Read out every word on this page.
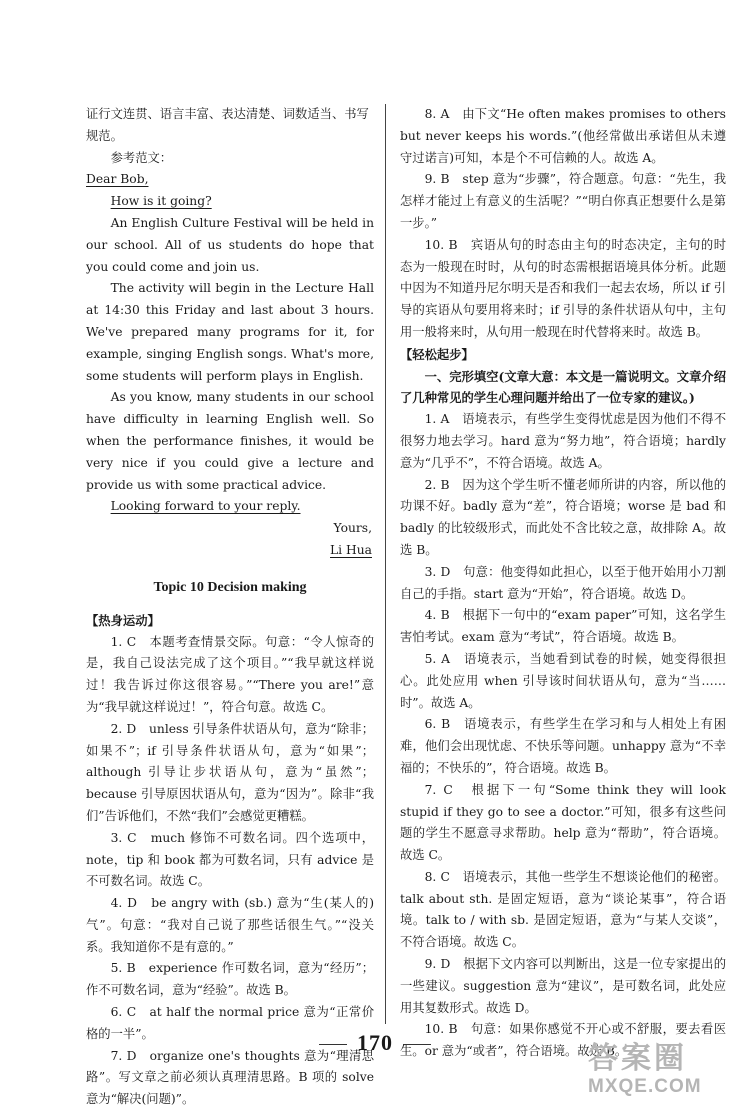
证行文连贯、语言丰富、表达清楚、词数适当、书写规范。

参考范文：

Dear Bob,

How is it going?

An English Culture Festival will be held in our school. All of us students do hope that you could come and join us.

The activity will begin in the Lecture Hall at 14:30 this Friday and last about 3 hours. We've prepared many programs for it, for example, singing English songs. What's more, some students will perform plays in English.

As you know, many students in our school have difficulty in learning English well. So when the performance finishes, it would be very nice if you could give a lecture and provide us with some practical advice.

Looking forward to your reply.

Yours,

Li Hua

Topic 10 Decision making

【热身运动】

1. C　本题考查情景交际。句意：“令人惊奇的是，我自己设法完成了这个项目。”“我早就这样说过！我告诉过你这很容易。”“There you are!”意为“我早就这样说过！”，符合句意。故选 C。

2. D　unless 引导条件状语从句，意为“除非；如果不”；if 引导条件状语从句，意为“如果”；although 引导让步状语从句，意为“虽然”；because 引导原因状语从句，意为“因为”。除非“我们”告诉他们，不然“我们”会感觉更糟糕。

3. C　much 修饰不可数名词。四个选项中，note，tip 和 book 都为可数名词，只有 advice 是不可数名词。故选 C。

4. D　be angry with (sb.) 意为“生(某人的)气”。句意：“我对自己说了那些话很生气。”“没关系。我知道你不是有意的。”

5. B　experience 作可数名词，意为“经历”；作不可数名词，意为“经验”。故选 B。

6. C　at half the normal price 意为“正常价格的一半”。

7. D　organize one's thoughts 意为“理清思路”。写文章之前必须认真理清思路。B 项的 solve 意为“解决(问题)”。

8. A　由下文“He often makes promises to others but never keeps his words.”(他经常做出承诺但从未遵守过诺言)可知，本是个不可信赖的人。故选 A。

9. B　step 意为“步骤”，符合题意。句意：“先生，我怎样才能过上有意义的生活呢？”“明白你真正想要什么是第一步。”

10. B　宾语从句的时态由主句的时态决定，主句的时态为一般现在时时，从句的时态需根据语境具体分析。此题中因为不知道丹尼尔明天是否和我们一起去农场，所以 if 引导的宾语从句要用将来时；if 引导的条件状语从句中，主句用一般将来时，从句用一般现在时代替将来时。故选 B。

【轻松起步】

一、完形填空(文章大意：本文是一篇说明文。文章介绍了几种常见的学生心理问题并给出了一位专家的建议。)

1. A　语境表示，有些学生变得忧虑是因为他们不得不很努力地去学习。hard 意为“努力地”，符合语境；hardly 意为“几乎不”，不符合语境。故选 A。

2. B　因为这个学生听不懂老师所讲的内容，所以他的功课不好。badly 意为“差”，符合语境；worse 是 bad 和 badly 的比较级形式，而此处不含比较之意，故排除 A。故选 B。

3. D　句意：他变得如此担心，以至于他开始用小刀割自己的手指。start 意为“开始”，符合语境。故选 D。

4. B　根据下一句中的“exam paper”可知，这名学生害怕考试。exam 意为“考试”，符合语境。故选 B。

5. A　语境表示，当她看到试卷的时候，她变得很担心。此处应用 when 引导该时间状语从句，意为“当……时”。故选 A。

6. B　语境表示，有些学生在学习和与人相处上有困难，他们会出现忧虑、不快乐等问题。unhappy 意为“不幸福的；不快乐的”，符合语境。故选 B。

7. C　根据下一句“Some think they will look stupid if they go to see a doctor.”可知，很多有这些问题的学生不愿意寻求帮助。help 意为“帮助”，符合语境。故选 C。

8. C　语境表示，其他一些学生不想谈论他们的秘密。talk about sth. 是固定短语，意为“谈论某事”，符合语境。talk to / with sb. 是固定短语，意为“与某人交谈”，不符合语境。故选 C。

9. D　根据下文内容可以判断出，这是一位专家提出的一些建议。suggestion 意为“建议”，是可数名词，此处应用其复数形式。故选 D。

10. B　句意：如果你感觉不开心或不舒服，要去看医生。or 意为“或者”，符合语境。故选 B。

170	答案圈
MXQE.COM
